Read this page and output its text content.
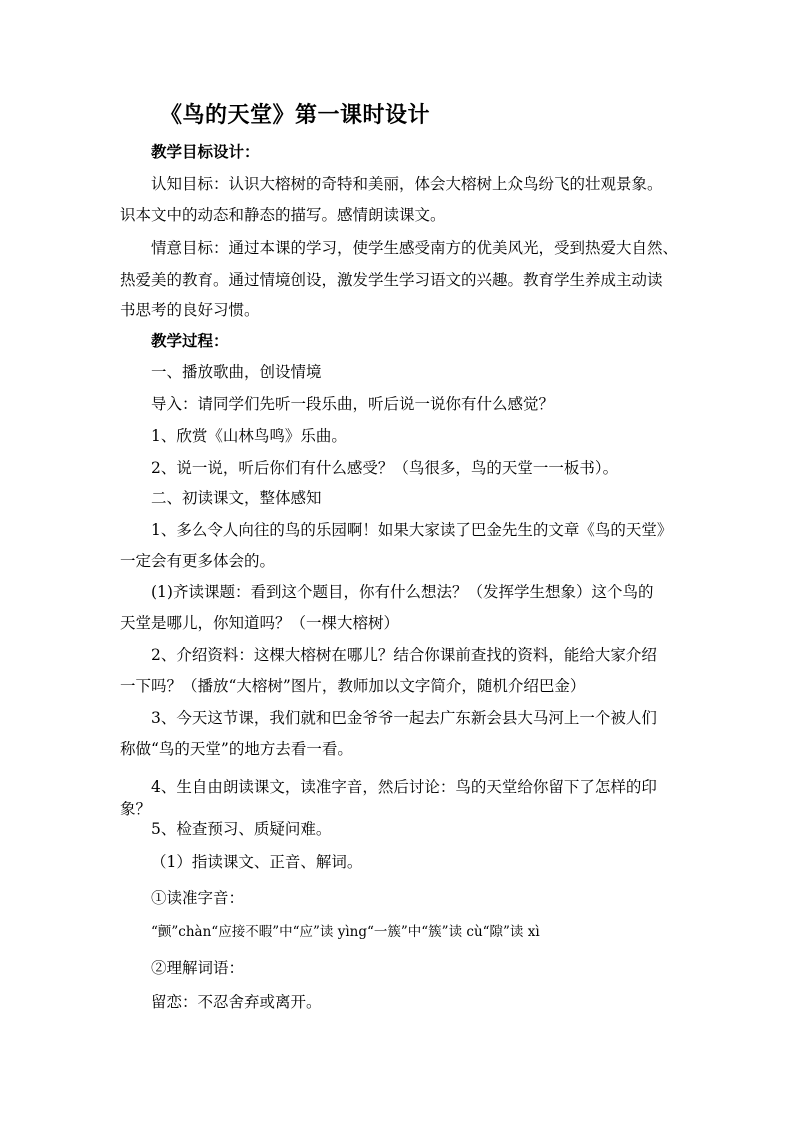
《鸟的天堂》第一课时设计
教学目标设计：
认知目标：认识大榕树的奇特和美丽，体会大榕树上众鸟纷飞的壮观景象。
识本文中的动态和静态的描写。感情朗读课文。
情意目标：通过本课的学习，使学生感受南方的优美风光，受到热爱大自然、
热爱美的教育。通过情境创设，激发学生学习语文的兴趣。教育学生养成主动读
书思考的良好习惯。
教学过程：
一、播放歌曲，创设情境
导入：请同学们先听一段乐曲，听后说一说你有什么感觉？
1、欣赏《山林鸟鸣》乐曲。
2、说一说，听后你们有什么感受？（鸟很多，鸟的天堂一一板书）。
二、初读课文，整体感知
1、多么令人向往的鸟的乐园啊！如果大家读了巴金先生的文章《鸟的天堂》
一定会有更多体会的。
(1)齐读课题：看到这个题目，你有什么想法？（发挥学生想象）这个鸟的
天堂是哪儿，你知道吗？（一棵大榕树）
2、介绍资料：这棵大榕树在哪儿？结合你课前查找的资料，能给大家介绍
一下吗？（播放“大榕树”图片，教师加以文字简介，随机介绍巴金）
3、今天这节课，我们就和巴金爷爷一起去广东新会县大马河上一个被人们
称做“鸟的天堂”的地方去看一看。
4、生自由朗读课文，读准字音，然后讨论：鸟的天堂给你留下了怎样的印
象？
5、检查预习、质疑问难。
（1）指读课文、正音、解词。
①读准字音：
“颤”chàn“应接不暇”中“应”读 yìng“一簇”中“簇”读 cù“隙”读 xì
②理解词语：
留恋：不忍舍弃或离开。
